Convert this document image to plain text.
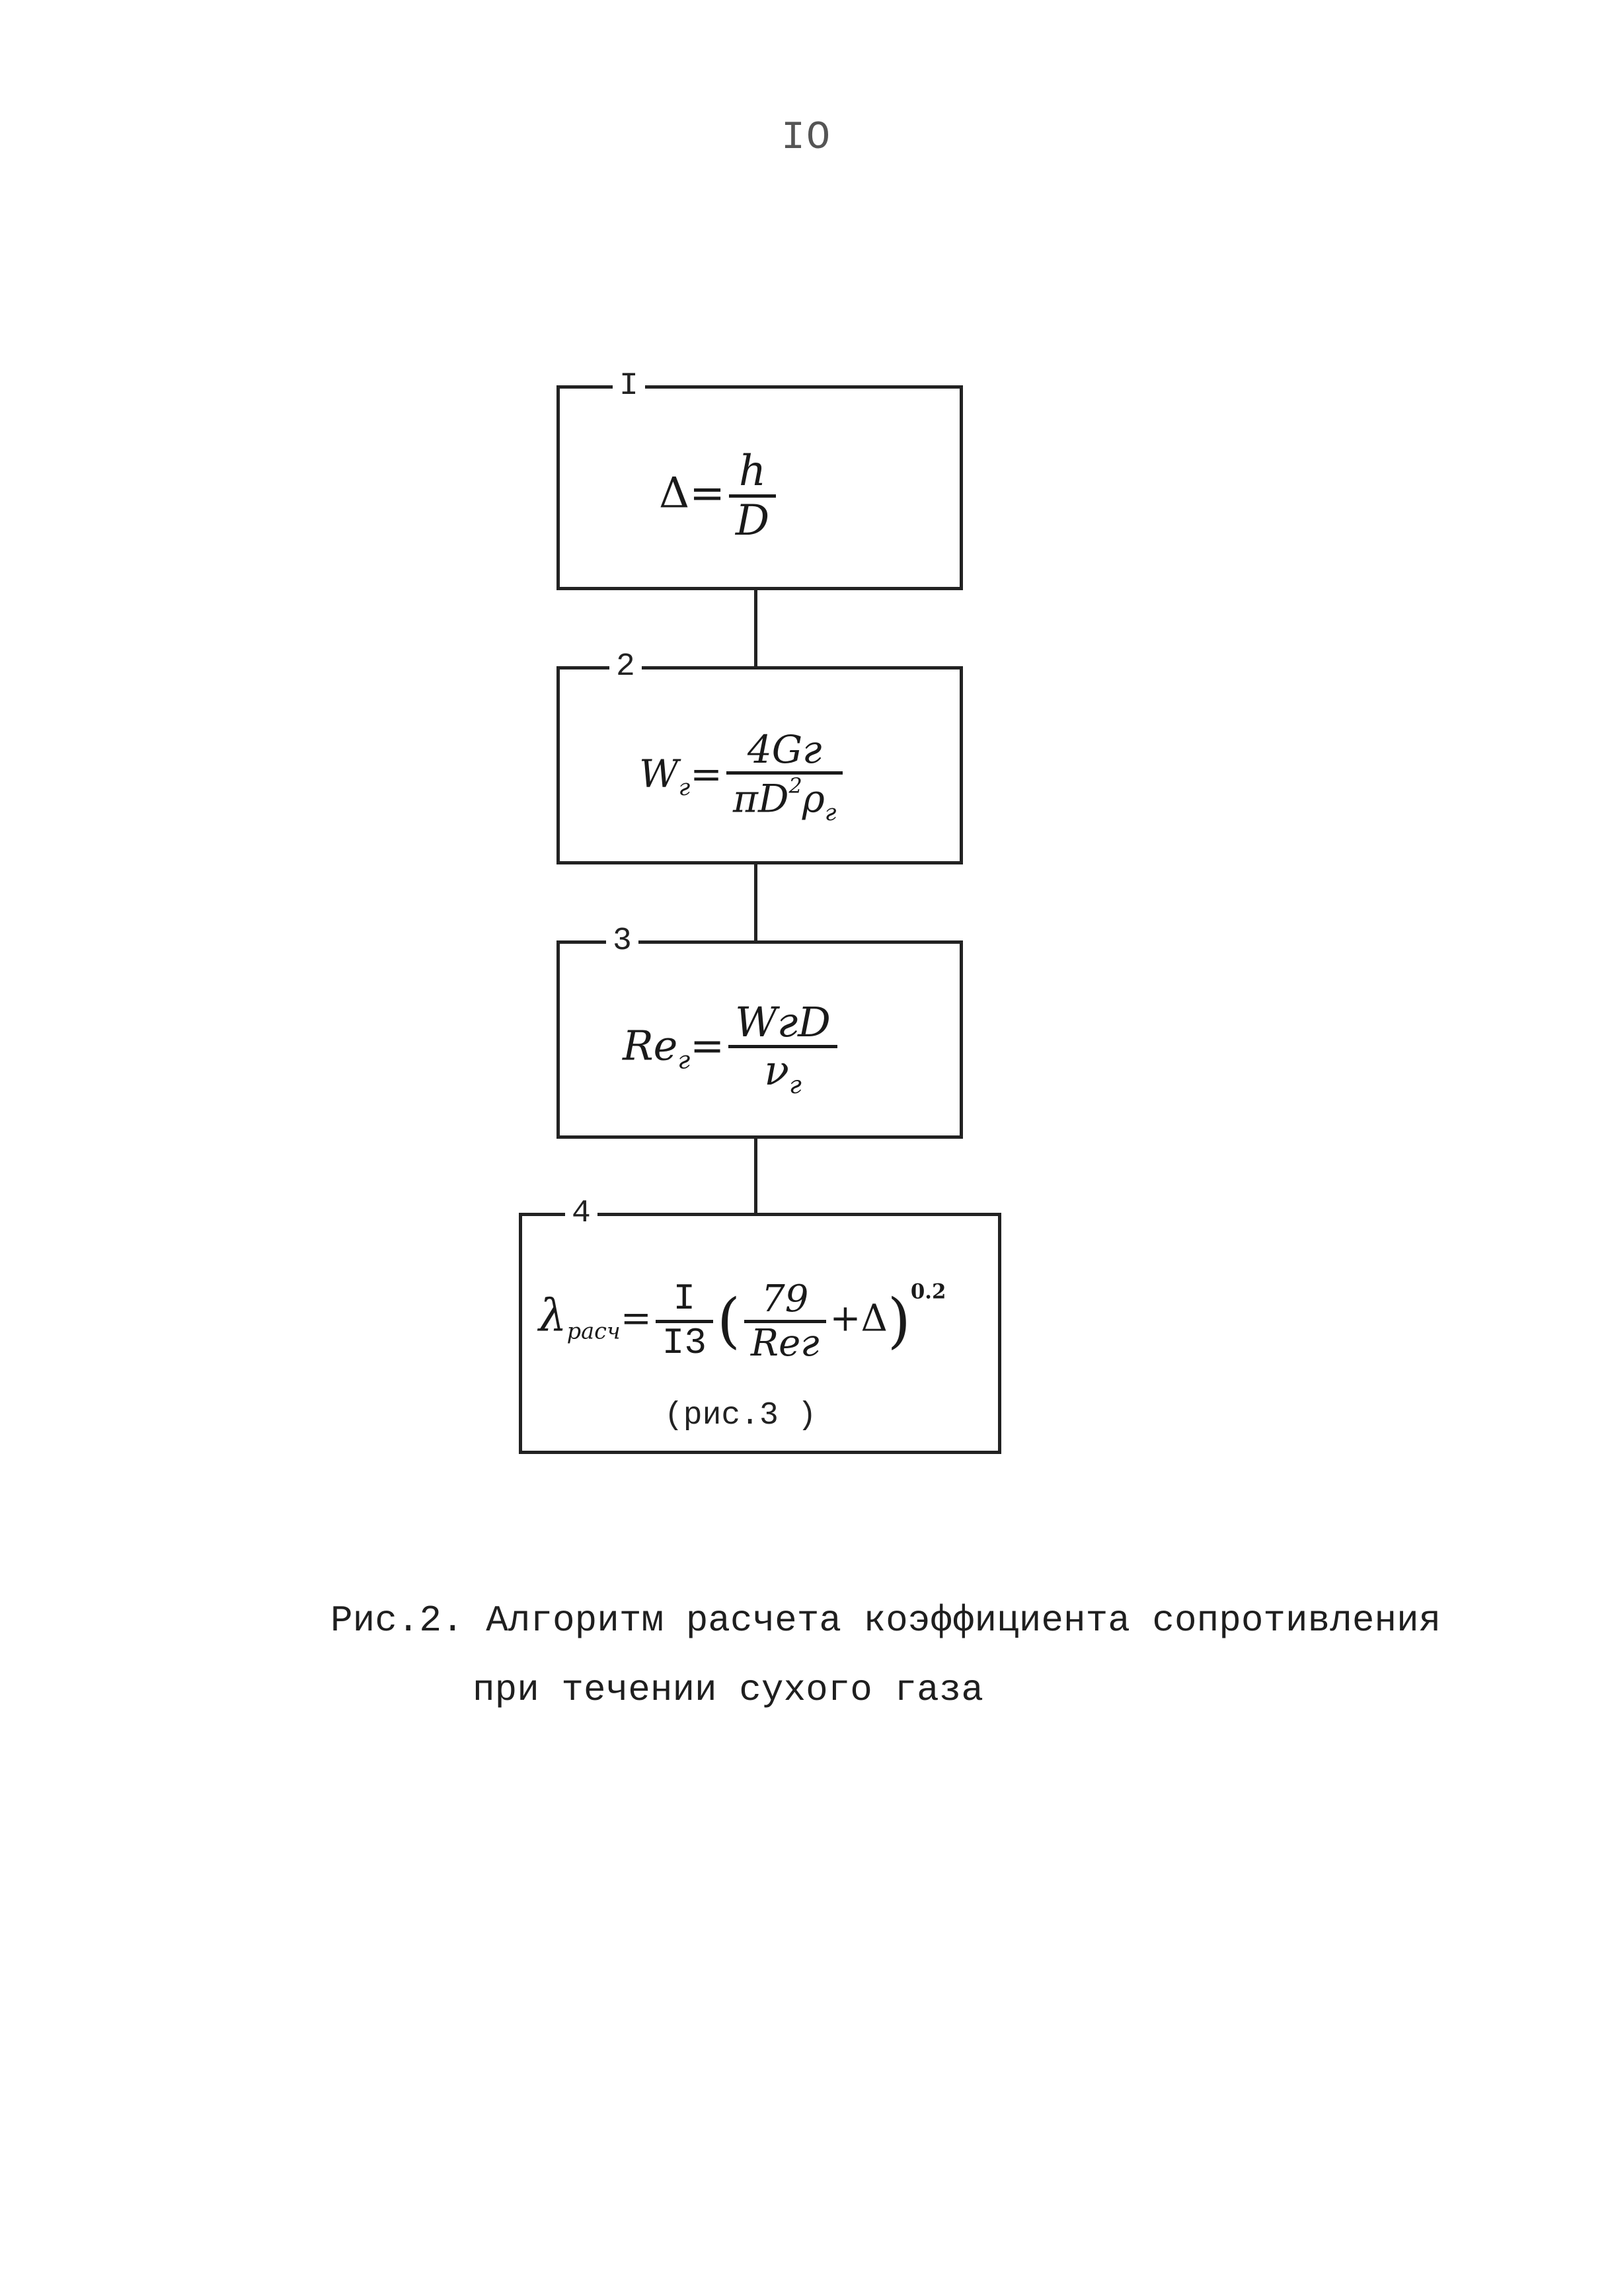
IO
I
$\Delta= \frac{h}{D}$
2
$W_г= \frac{4Gг}{\pi D^2\rho_г}$
3
$Re_г= \frac{\text{WгD}}{\nu_г}$
4
$\lambda_{расч}= \frac{I}{I3}$ ( $\frac{79}{\text{Reг}} +\Delta)^{0.2}$
(рис.3 )
Рис.2. Алгоритм расчета коэффициента сопротивления
при течении сухого газа
